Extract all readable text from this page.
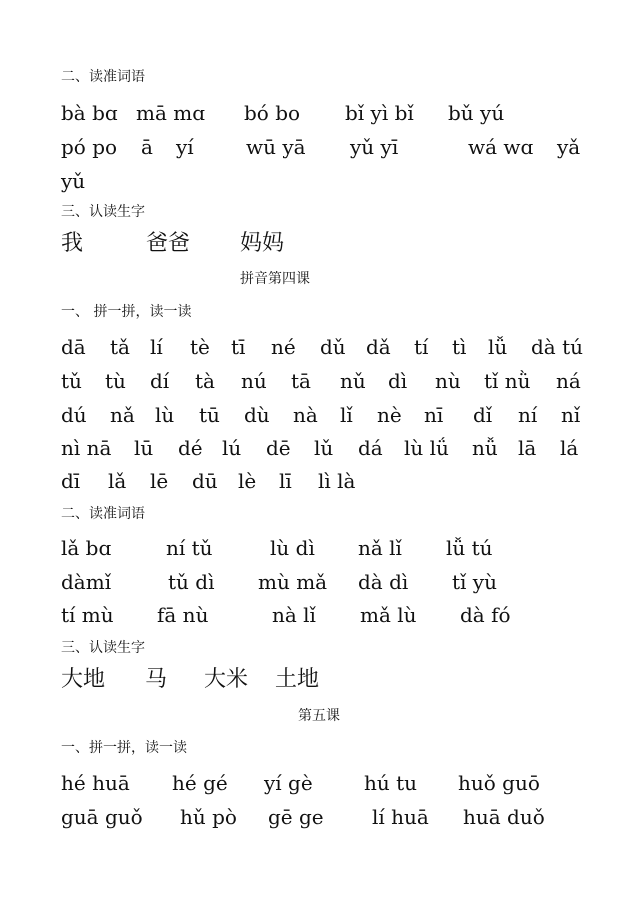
二、读准词语
bà bɑ mā mɑ bó bo bǐ yì bǐ bǔ yú
pó po ā yí	wū yā yǔ yī	wá wɑ yǎ
yǔ
三、认读生字
我	爸爸 妈妈
拼音第四课
一、 拼一拼，读一读
dā tǎ lí tè tī né dǔ dǎ tí tì lǚ dà tú
tǔ tù dí tà nú tā nǔ dì nù tǐ nǜ ná
dú nǎ lù tū dù nà lǐ nè nī dǐ ní nǐ
nì nā lū dé lú dē lǔ dá lù lǘ nǚ lā lá
dī lǎ lē dū lè lī lì là
二、读准词语
lǎ bɑ	ní tǔ	lù dì nǎ lǐ lǚ tú
dàmǐ	tǔ dì mù mǎ dà dì tǐ yù
tí mù fā nù	nà lǐ mǎ lù dà fó
三、认读生字
大地 马 大米 土地
第五课
一、拼一拼，读一读
hé huā hé gé yí gè	hú tu huǒ guō
guā guǒ hǔ pò gē ge lí huā huā duǒ
